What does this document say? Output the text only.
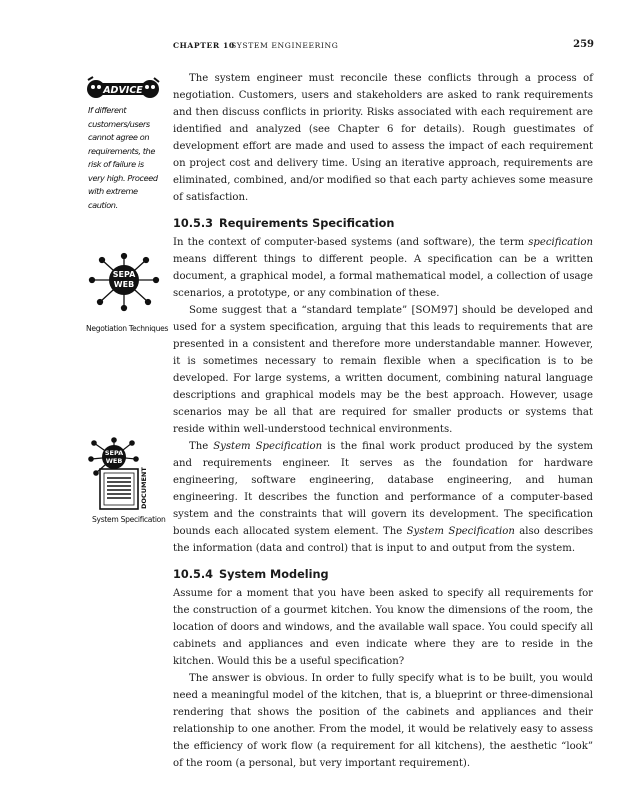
CHAPTER 10
SYSTEM ENGINEERING	259
ADVICE
If different customers/users cannot agree on requirements, the risk of failure is very high. Proceed with extreme caution.
SEPA
WEB
Negotiation Techniques
SEPA
WEB
DOCUMENT
System Specification

The system engineer must reconcile these conflicts through a process of negotiation. Customers, users and stakeholders are asked to rank requirements and then discuss conflicts in priority. Risks associated with each requirement are identified and analyzed (see Chapter 6 for details). Rough guestimates of development effort are made and used to assess the impact of each requirement on project cost and delivery time. Using an iterative approach, requirements are eliminated, combined, and/or modified so that each party achieves some measure of satisfaction.

10.5.3 Requirements Specification

In the context of computer-based systems (and software), the term specification means different things to different people. A specification can be a written document, a graphical model, a formal mathematical model, a collection of usage scenarios, a prototype, or any combination of these.

Some suggest that a “standard template” [SOM97] should be developed and used for a system specification, arguing that this leads to requirements that are presented in a consistent and therefore more understandable manner. However, it is sometimes necessary to remain flexible when a specification is to be developed. For large systems, a written document, combining natural language descriptions and graphical models may be the best approach. However, usage scenarios may be all that are required for smaller products or systems that reside within well-understood technical environments.

The System Specification is the final work product produced by the system and requirements engineer. It serves as the foundation for hardware engineering, software engineering, database engineering, and human engineering. It describes the function and performance of a computer-based system and the constraints that will govern its development. The specification bounds each allocated system element. The System Specification also describes the information (data and control) that is input to and output from the system.

10.5.4 System Modeling

Assume for a moment that you have been asked to specify all requirements for the construction of a gourmet kitchen. You know the dimensions of the room, the location of doors and windows, and the available wall space. You could specify all cabinets and appliances and even indicate where they are to reside in the kitchen. Would this be a useful specification?

The answer is obvious. In order to fully specify what is to be built, you would need a meaningful model of the kitchen, that is, a blueprint or three-dimensional rendering that shows the position of the cabinets and appliances and their relationship to one another. From the model, it would be relatively easy to assess the efficiency of work flow (a requirement for all kitchens), the aesthetic “look” of the room (a personal, but very important requirement).
